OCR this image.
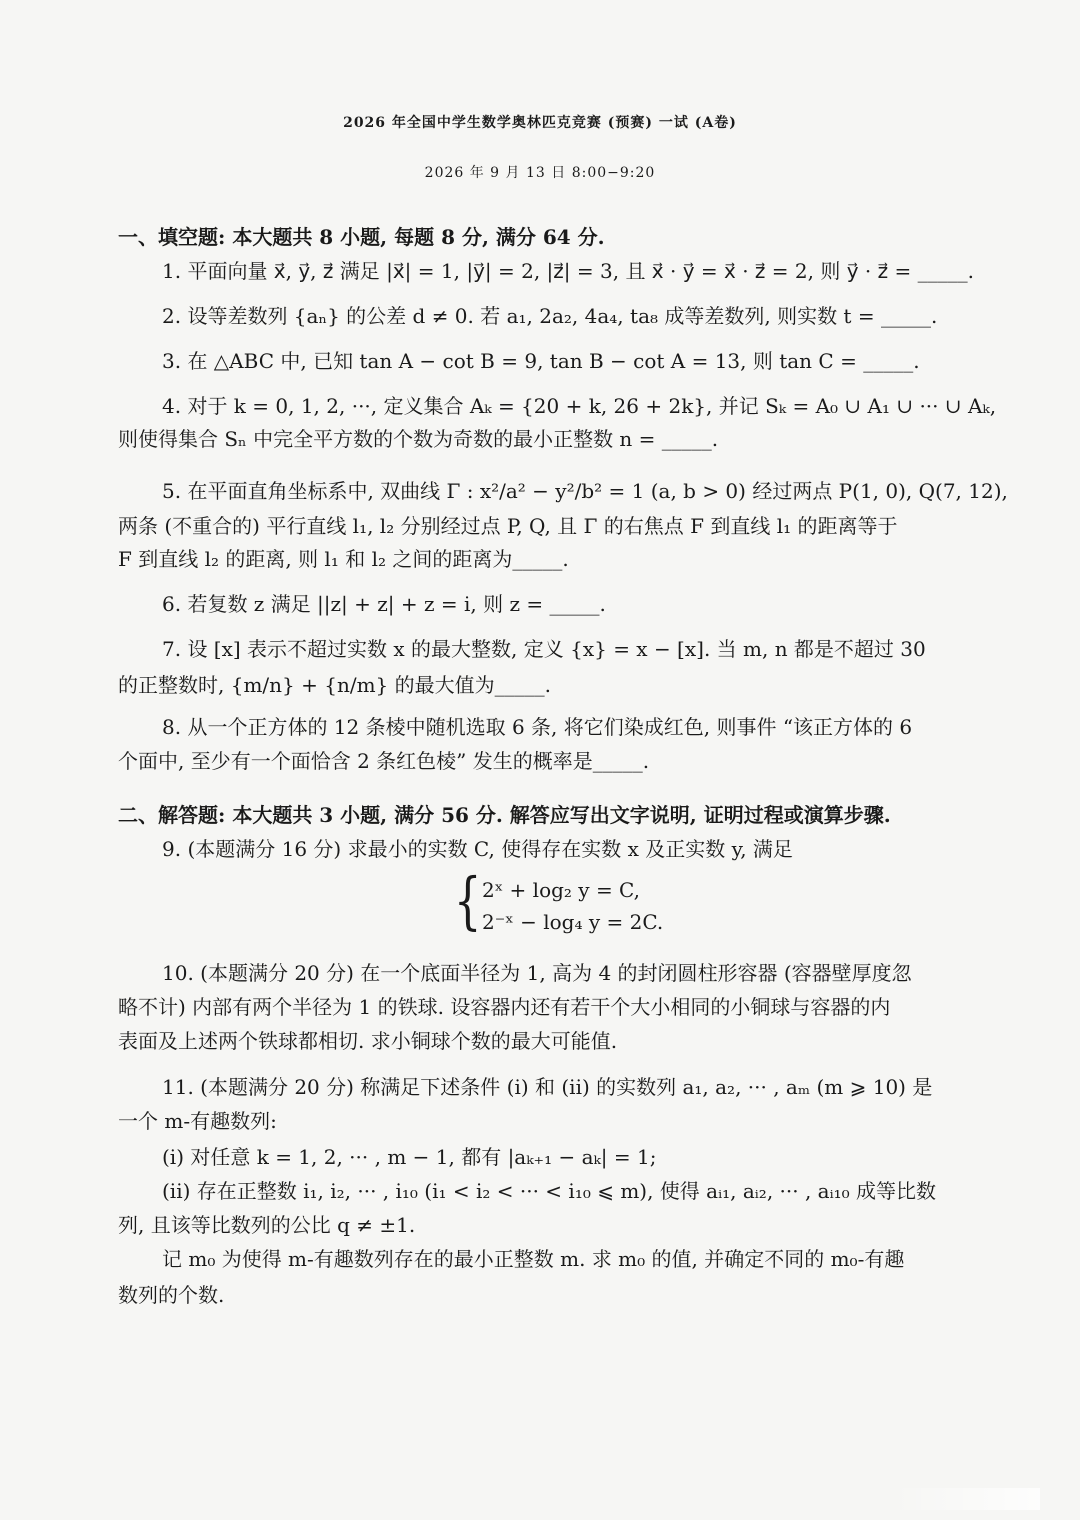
2026 年全国中学生数学奥林匹克竞赛 (预赛) 一试 (A卷)
2026 年 9 月 13 日 8:00−9:20
一、填空题: 本大题共 8 小题, 每题 8 分, 满分 64 分.
1. 平面向量 x⃗, y⃗, z⃗ 满足 |x⃗| = 1, |y⃗| = 2, |z⃗| = 3, 且 x⃗ · y⃗ = x⃗ · z⃗ = 2, 则 y⃗ · z⃗ = _____.
2. 设等差数列 {aₙ} 的公差 d ≠ 0. 若 a₁, 2a₂, 4a₄, ta₈ 成等差数列, 则实数 t = _____.
3. 在 △ABC 中, 已知 tan A − cot B = 9, tan B − cot A = 13, 则 tan C = _____.
4. 对于 k = 0, 1, 2, ···, 定义集合 Aₖ = {20 + k, 26 + 2k}, 并记 Sₖ = A₀ ∪ A₁ ∪ ··· ∪ Aₖ,
则使得集合 Sₙ 中完全平方数的个数为奇数的最小正整数 n = _____.
5. 在平面直角坐标系中, 双曲线 Γ : x²/a² − y²/b² = 1 (a, b > 0) 经过两点 P(1, 0), Q(7, 12),
两条 (不重合的) 平行直线 l₁, l₂ 分别经过点 P, Q, 且 Γ 的右焦点 F 到直线 l₁ 的距离等于
F 到直线 l₂ 的距离, 则 l₁ 和 l₂ 之间的距离为_____.
6. 若复数 z 满足 ||z| + z| + z = i, 则 z = _____.
7. 设 [x] 表示不超过实数 x 的最大整数, 定义 {x} = x − [x]. 当 m, n 都是不超过 30
的正整数时, {m/n} + {n/m} 的最大值为_____.
8. 从一个正方体的 12 条棱中随机选取 6 条, 将它们染成红色, 则事件 “该正方体的 6
个面中, 至少有一个面恰含 2 条红色棱” 发生的概率是_____.
二、解答题: 本大题共 3 小题, 满分 56 分. 解答应写出文字说明, 证明过程或演算步骤.
9. (本题满分 16 分) 求最小的实数 C, 使得存在实数 x 及正实数 y, 满足
{ 2ˣ + log₂ y = C,
2⁻ˣ − log₄ y = 2C.
10. (本题满分 20 分) 在一个底面半径为 1, 高为 4 的封闭圆柱形容器 (容器壁厚度忽
略不计) 内部有两个半径为 1 的铁球. 设容器内还有若干个大小相同的小铜球与容器的内
表面及上述两个铁球都相切. 求小铜球个数的最大可能值.
11. (本题满分 20 分) 称满足下述条件 (i) 和 (ii) 的实数列 a₁, a₂, ··· , aₘ (m ⩾ 10) 是
一个 m-有趣数列:
(i) 对任意 k = 1, 2, ··· , m − 1, 都有 |aₖ₊₁ − aₖ| = 1;
(ii) 存在正整数 i₁, i₂, ··· , i₁₀ (i₁ < i₂ < ··· < i₁₀ ⩽ m), 使得 aᵢ₁, aᵢ₂, ··· , aᵢ₁₀ 成等比数
列, 且该等比数列的公比 q ≠ ±1.
记 m₀ 为使得 m-有趣数列存在的最小正整数 m. 求 m₀ 的值, 并确定不同的 m₀-有趣
数列的个数.
